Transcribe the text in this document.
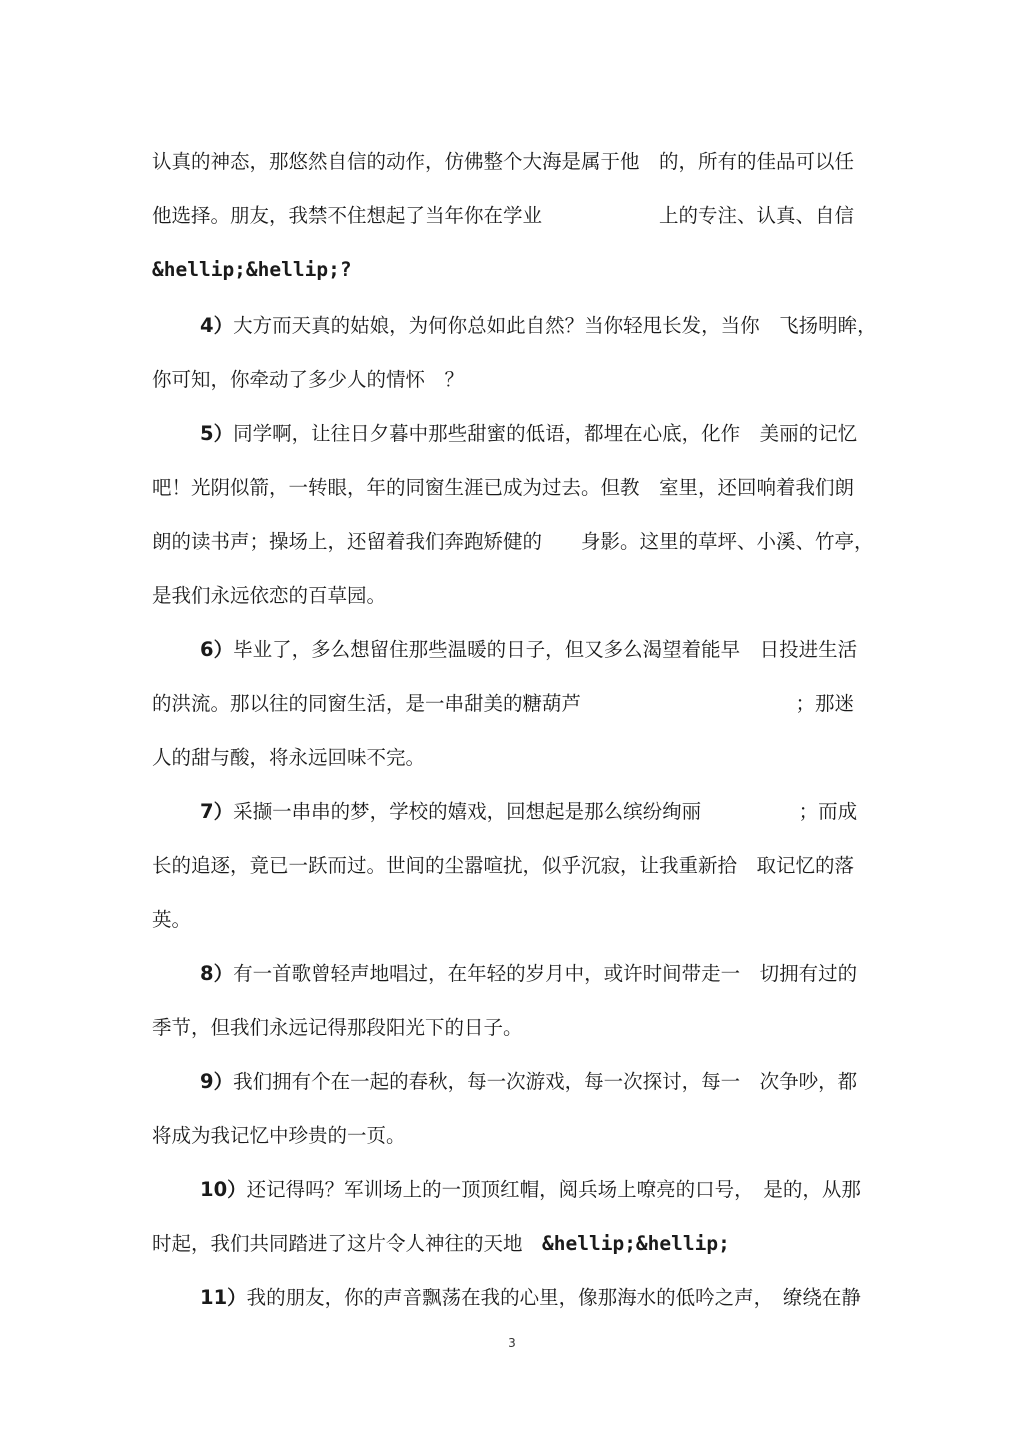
认真的神态，那悠然自信的动作，仿佛整个大海是属于他　的，所有的佳品可以任
他选择。朋友，我禁不住想起了当年你在学业　　　　　　上的专注、认真、自信
&hellip;&hellip;?
4）大方而天真的姑娘，为何你总如此自然？当你轻甩长发，当你　飞扬明眸，
你可知，你牵动了多少人的情怀　？
5）同学啊，让往日夕暮中那些甜蜜的低语，都埋在心底，化作　美丽的记忆
吧！光阴似箭，一转眼，年的同窗生涯已成为过去。但教　室里，还回响着我们朗
朗的读书声；操场上，还留着我们奔跑矫健的　　身影。这里的草坪、小溪、竹亭，
是我们永远依恋的百草园。
6）毕业了，多么想留住那些温暖的日子，但又多么渴望着能早　日投进生活
的洪流。那以往的同窗生活，是一串甜美的糖葫芦　　　　　　　　　　　；那迷
人的甜与酸，将永远回味不完。
7）采撷一串串的梦，学校的嬉戏，回想起是那么缤纷绚丽　　　　　；而成
长的追逐，竟已一跃而过。世间的尘嚣喧扰，似乎沉寂，让我重新拾　取记忆的落
英。
8）有一首歌曾轻声地唱过，在年轻的岁月中，或许时间带走一　切拥有过的
季节，但我们永远记得那段阳光下的日子。
9）我们拥有个在一起的春秋，每一次游戏，每一次探讨，每一　次争吵，都
将成为我记忆中珍贵的一页。
10）还记得吗？军训场上的一顶顶红帽，阅兵场上嘹亮的口号，　是的，从那
时起，我们共同踏进了这片令人神往的天地　&hellip;&hellip;
11）我的朋友，你的声音飘荡在我的心里，像那海水的低吟之声，　缭绕在静
3
